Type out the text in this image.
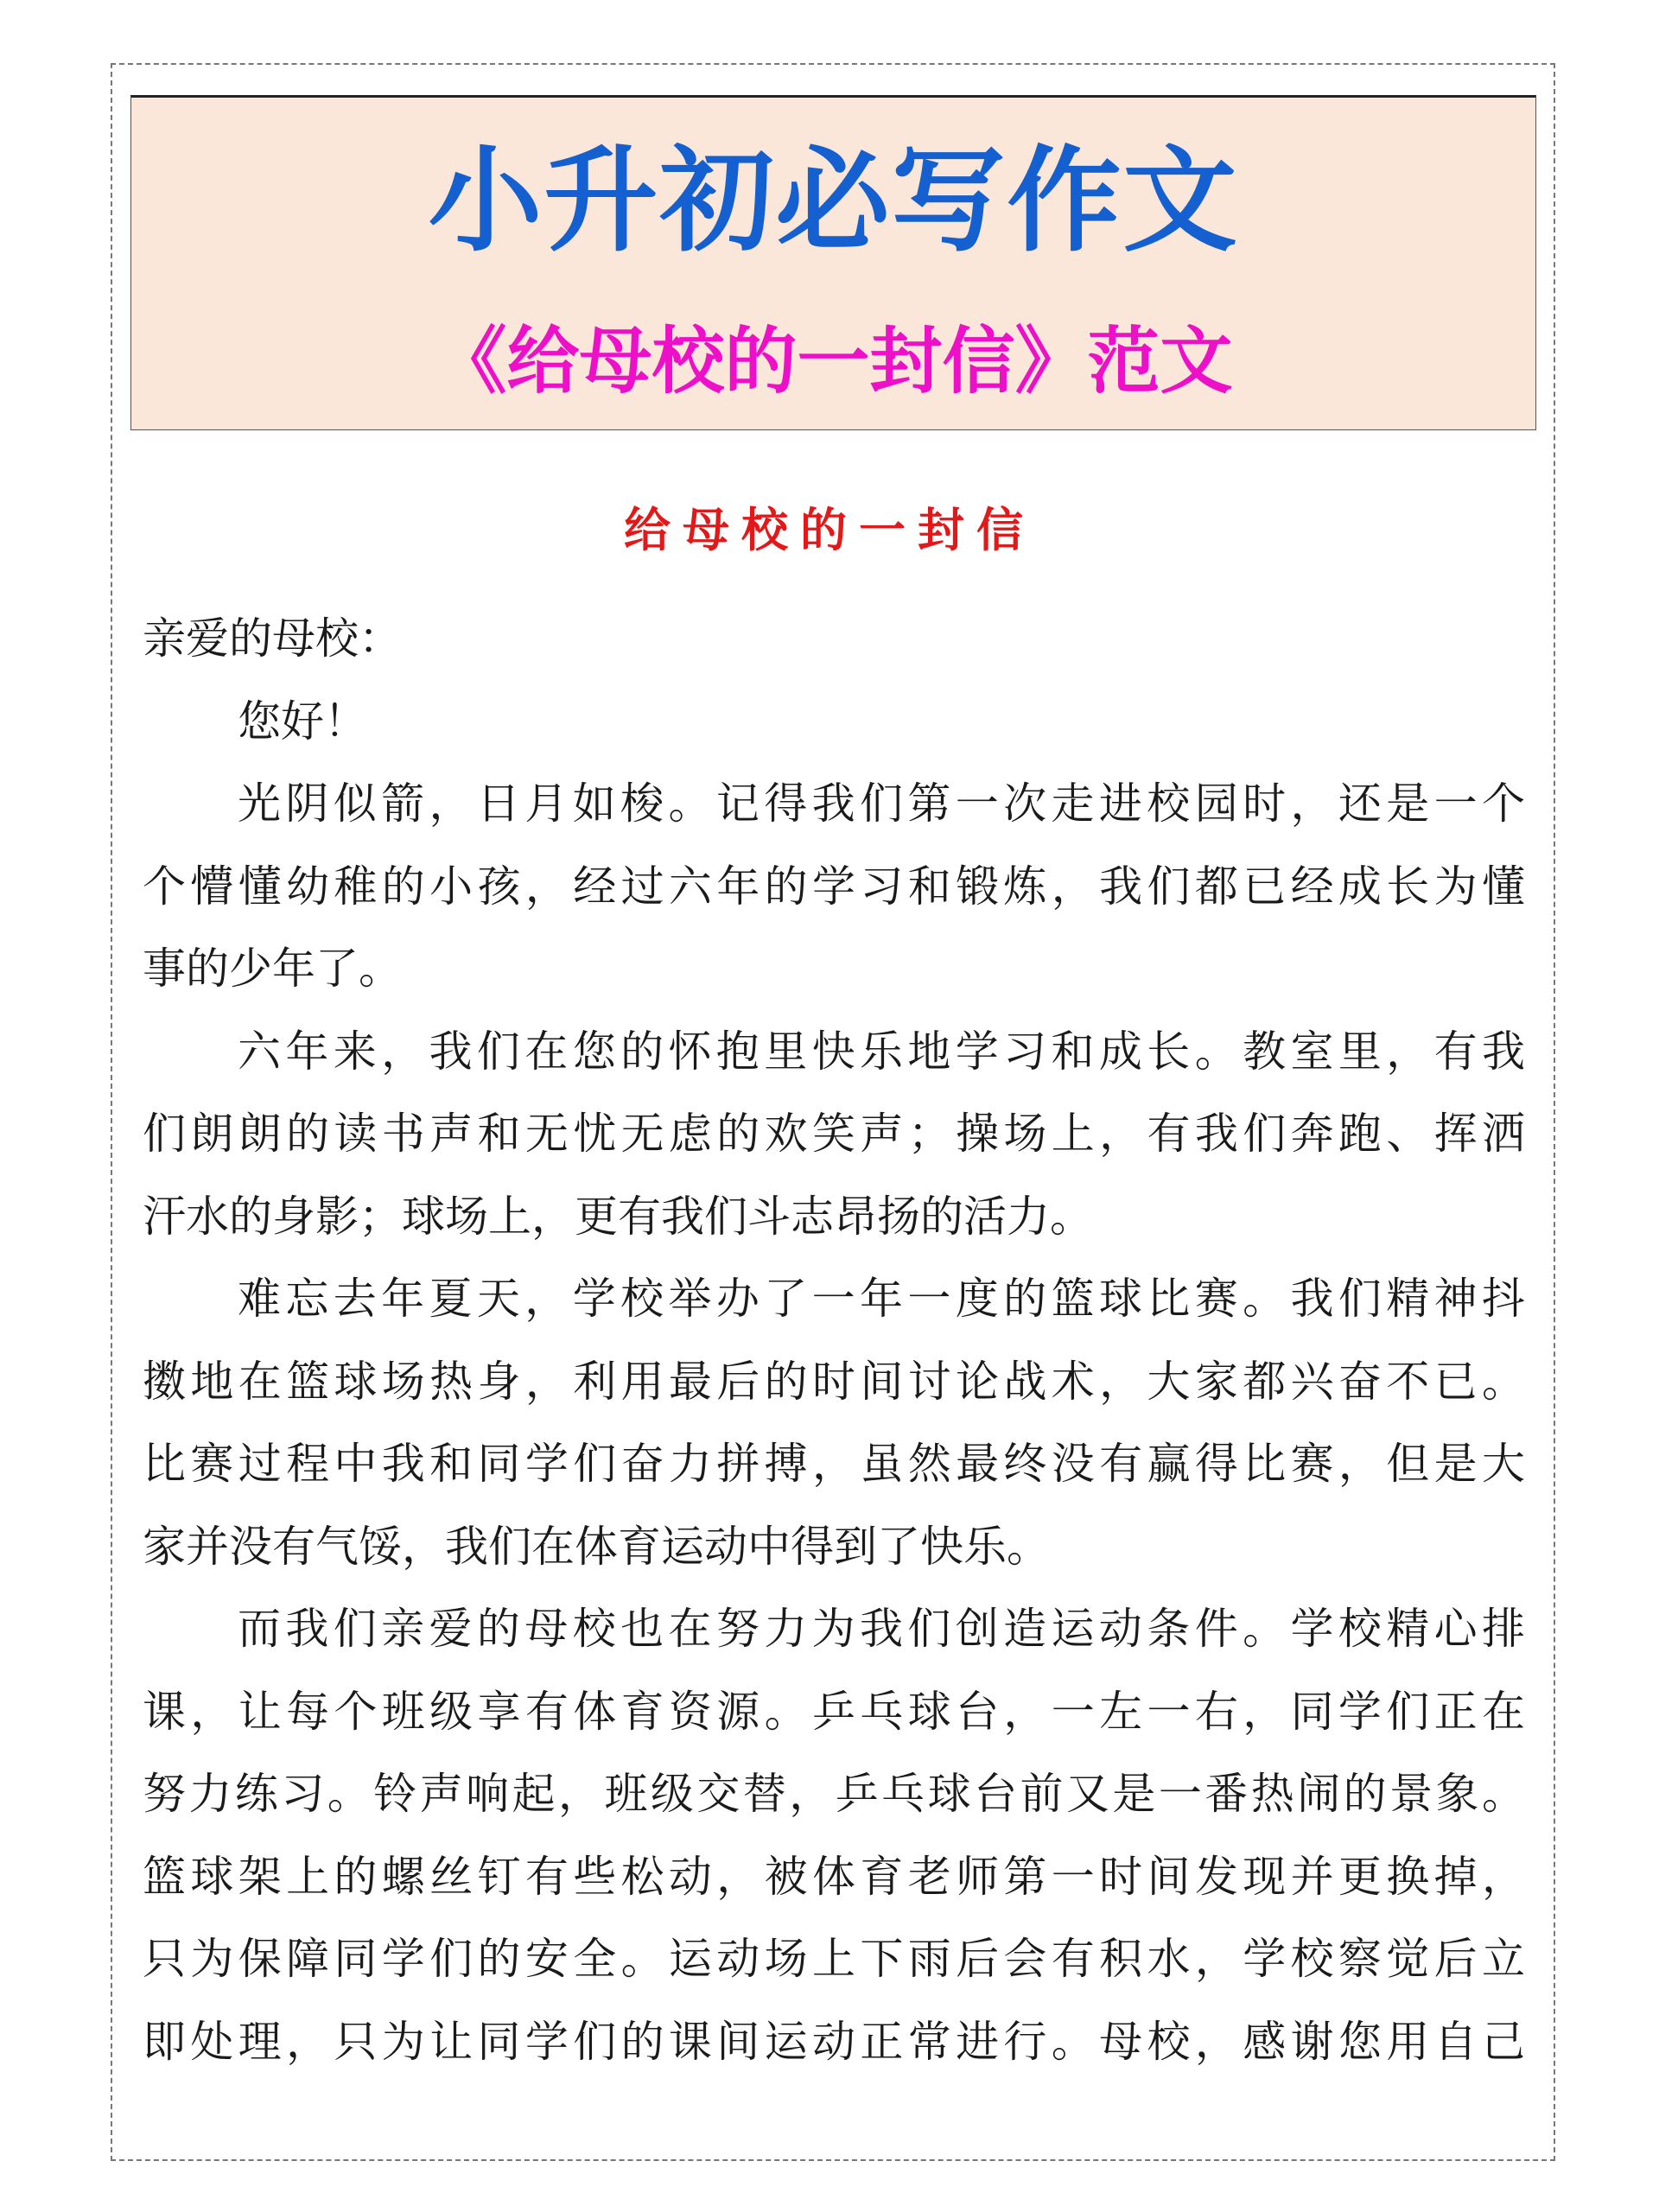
小升初必写作文
《给母校的一封信》范文
给母校的一封信
亲爱的母校：
您好！
光阴似箭，日月如梭。记得我们第一次走进校园时，还是一个
个懵懂幼稚的小孩，经过六年的学习和锻炼，我们都已经成长为懂
事的少年了。
六年来，我们在您的怀抱里快乐地学习和成长。教室里，有我
们朗朗的读书声和无忧无虑的欢笑声；操场上，有我们奔跑、挥洒
汗水的身影；球场上，更有我们斗志昂扬的活力。
难忘去年夏天，学校举办了一年一度的篮球比赛。我们精神抖
擞地在篮球场热身，利用最后的时间讨论战术，大家都兴奋不已。
比赛过程中我和同学们奋力拼搏，虽然最终没有赢得比赛，但是大
家并没有气馁，我们在体育运动中得到了快乐。
而我们亲爱的母校也在努力为我们创造运动条件。学校精心排
课，让每个班级享有体育资源。乒乓球台，一左一右，同学们正在
努力练习。铃声响起，班级交替，乒乓球台前又是一番热闹的景象。
篮球架上的螺丝钉有些松动，被体育老师第一时间发现并更换掉，
只为保障同学们的安全。运动场上下雨后会有积水，学校察觉后立
即处理，只为让同学们的课间运动正常进行。母校，感谢您用自己
